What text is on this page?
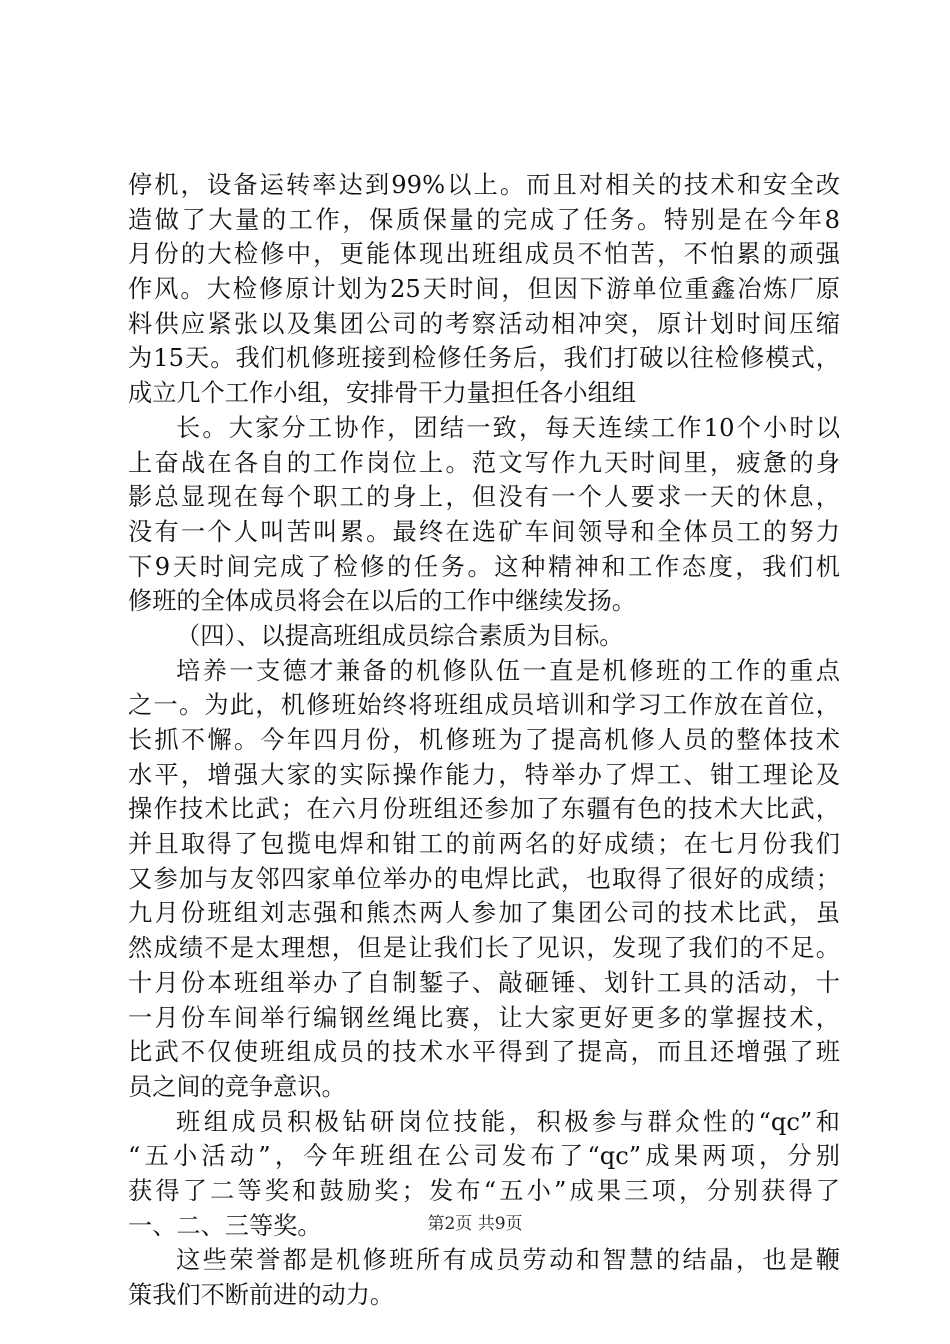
停机，设备运转率达到99%以上。而且对相关的技术和安全改
造做了大量的工作，保质保量的完成了任务。特别是在今年8
月份的大检修中，更能体现出班组成员不怕苦，不怕累的顽强
作风。大检修原计划为25天时间，但因下游单位重鑫冶炼厂原
料供应紧张以及集团公司的考察活动相冲突，原计划时间压缩
为15天。我们机修班接到检修任务后，我们打破以往检修模式，
成立几个工作小组，安排骨干力量担任各小组组
长。大家分工协作，团结一致，每天连续工作10个小时以
上奋战在各自的工作岗位上。范文写作九天时间里，疲惫的身
影总显现在每个职工的身上，但没有一个人要求一天的休息，
没有一个人叫苦叫累。最终在选矿车间领导和全体员工的努力
下9天时间完成了检修的任务。这种精神和工作态度，我们机
修班的全体成员将会在以后的工作中继续发扬。
（四）、以提高班组成员综合素质为目标。
培养一支德才兼备的机修队伍一直是机修班的工作的重点
之一。为此，机修班始终将班组成员培训和学习工作放在首位，
长抓不懈。今年四月份，机修班为了提高机修人员的整体技术
水平，增强大家的实际操作能力，特举办了焊工、钳工理论及
操作技术比武；在六月份班组还参加了东疆有色的技术大比武，
并且取得了包揽电焊和钳工的前两名的好成绩；在七月份我们
又参加与友邻四家单位举办的电焊比武，也取得了很好的成绩；
九月份班组刘志强和熊杰两人参加了集团公司的技术比武，虽
然成绩不是太理想，但是让我们长了见识，发现了我们的不足。
十月份本班组举办了自制錾子、敲砸锤、划针工具的活动，十
一月份车间举行编钢丝绳比赛，让大家更好更多的掌握技术，
比武不仅使班组成员的技术水平得到了提高，而且还增强了班
员之间的竞争意识。
班组成员积极钻研岗位技能，积极参与群众性的“qc”和
“五小活动”，今年班组在公司发布了“qc”成果两项，分别
获得了二等奖和鼓励奖；发布“五小”成果三项，分别获得了
一、二、三等奖。
这些荣誉都是机修班所有成员劳动和智慧的结晶，也是鞭
策我们不断前进的动力。
第2页 共9页
